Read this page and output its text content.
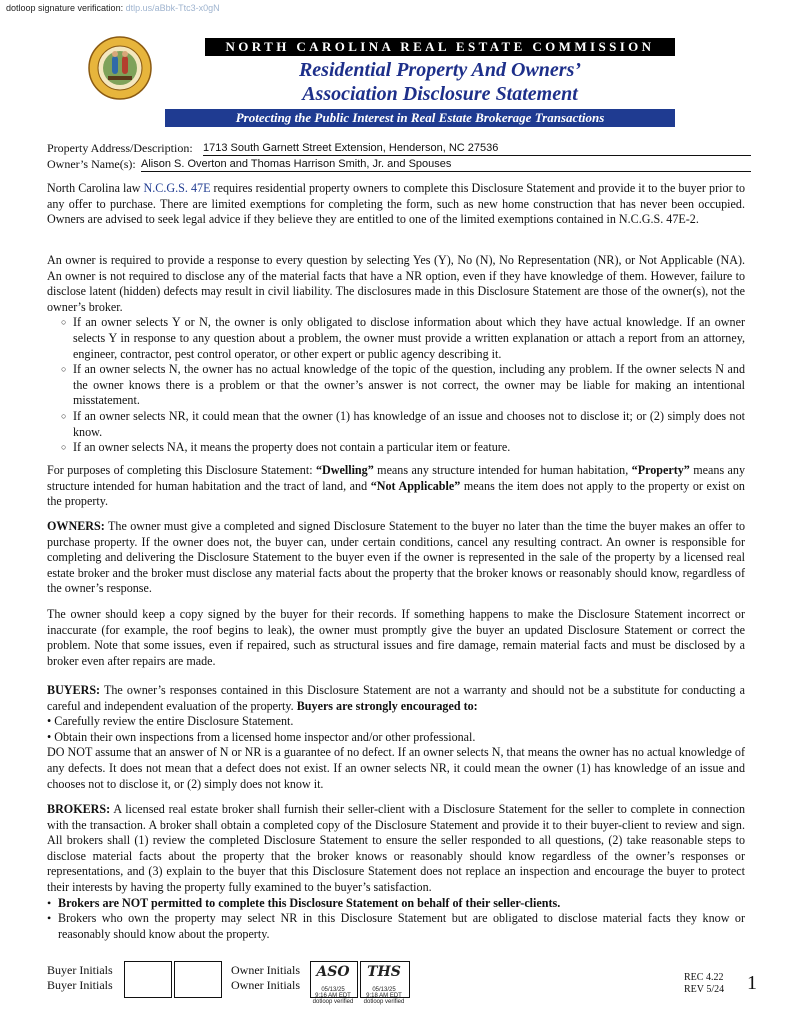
dotloop signature verification: dtlp.us/aBbk-Ttc3-x0gN
NORTH CAROLINA REAL ESTATE COMMISSION
Residential Property And Owners’
Association Disclosure Statement
Protecting the Public Interest in Real Estate Brokerage Transactions
Property Address/Description: 1713 South Garnett Street Extension, Henderson, NC 27536
Owner’s Name(s): Alison S. Overton and Thomas Harrison Smith, Jr. and Spouses

North Carolina law N.C.G.S. 47E requires residential property owners to complete this Disclosure Statement and provide it to the buyer prior to any offer to purchase. There are limited exemptions for completing the form, such as new home construction that has never been occupied. Owners are advised to seek legal advice if they believe they are entitled to one of the limited exemptions contained in N.C.G.S. 47E-2.

An owner is required to provide a response to every question by selecting Yes (Y), No (N), No Representation (NR), or Not Applicable (NA). An owner is not required to disclose any of the material facts that have a NR option, even if they have knowledge of them. However, failure to disclose latent (hidden) defects may result in civil liability. The disclosures made in this Disclosure Statement are those of the owner(s), not the owner’s broker.

○ If an owner selects Y or N, the owner is only obligated to disclose information about which they have actual knowledge. If an owner selects Y in response to any question about a problem, the owner must provide a written explanation or attach a report from an attorney, engineer, contractor, pest control operator, or other expert or public agency describing it.
○ If an owner selects N, the owner has no actual knowledge of the topic of the question, including any problem. If the owner selects N and the owner knows there is a problem or that the owner’s answer is not correct, the owner may be liable for making an intentional misstatement.
○ If an owner selects NR, it could mean that the owner (1) has knowledge of an issue and chooses not to disclose it; or (2) simply does not know.
○ If an owner selects NA, it means the property does not contain a particular item or feature.

For purposes of completing this Disclosure Statement: “Dwelling” means any structure intended for human habitation, “Property” means any structure intended for human habitation and the tract of land, and “Not Applicable” means the item does not apply to the property or exist on the property.

OWNERS: The owner must give a completed and signed Disclosure Statement to the buyer no later than the time the buyer makes an offer to purchase property. If the owner does not, the buyer can, under certain conditions, cancel any resulting contract. An owner is responsible for completing and delivering the Disclosure Statement to the buyer even if the owner is represented in the sale of the property by a licensed real estate broker and the broker must disclose any material facts about the property that the broker knows or reasonably should know, regardless of the owner’s response.

The owner should keep a copy signed by the buyer for their records. If something happens to make the Disclosure Statement incorrect or inaccurate (for example, the roof begins to leak), the owner must promptly give the buyer an updated Disclosure Statement or correct the problem. Note that some issues, even if repaired, such as structural issues and fire damage, remain material facts and must be disclosed by a broker even after repairs are made.

BUYERS: The owner’s responses contained in this Disclosure Statement are not a warranty and should not be a substitute for conducting a careful and independent evaluation of the property. Buyers are strongly encouraged to:

• Carefully review the entire Disclosure Statement.
• Obtain their own inspections from a licensed home inspector and/or other professional.

DO NOT assume that an answer of N or NR is a guarantee of no defect. If an owner selects N, that means the owner has no actual knowledge of any defects. It does not mean that a defect does not exist. If an owner selects NR, it could mean the owner (1) has knowledge of an issue and chooses not to disclose it, or (2) simply does not know it.

BROKERS: A licensed real estate broker shall furnish their seller-client with a Disclosure Statement for the seller to complete in connection with the transaction. A broker shall obtain a completed copy of the Disclosure Statement and provide it to their buyer-client to review and sign. All brokers shall (1) review the completed Disclosure Statement to ensure the seller responded to all questions, (2) take reasonable steps to disclose material facts about the property that the broker knows or reasonably should know regardless of the owner’s responses or representations, and (3) explain to the buyer that this Disclosure Statement does not replace an inspection and encourage the buyer to protect their interests by having the property fully examined to the buyer’s satisfaction.

• Brokers are NOT permitted to complete this Disclosure Statement on behalf of their seller-clients.
• Brokers who own the property may select NR in this Disclosure Statement but are obligated to disclose material facts they know or reasonably should know about the property.
Buyer Initials
Buyer Initials
Owner Initials
Owner Initials
ASO
05/13/25
9:16 AM EDT
dotloop verified
THS
05/13/25
9:18 AM EDT
dotloop verified
REC 4.22
REV 5/24 1
